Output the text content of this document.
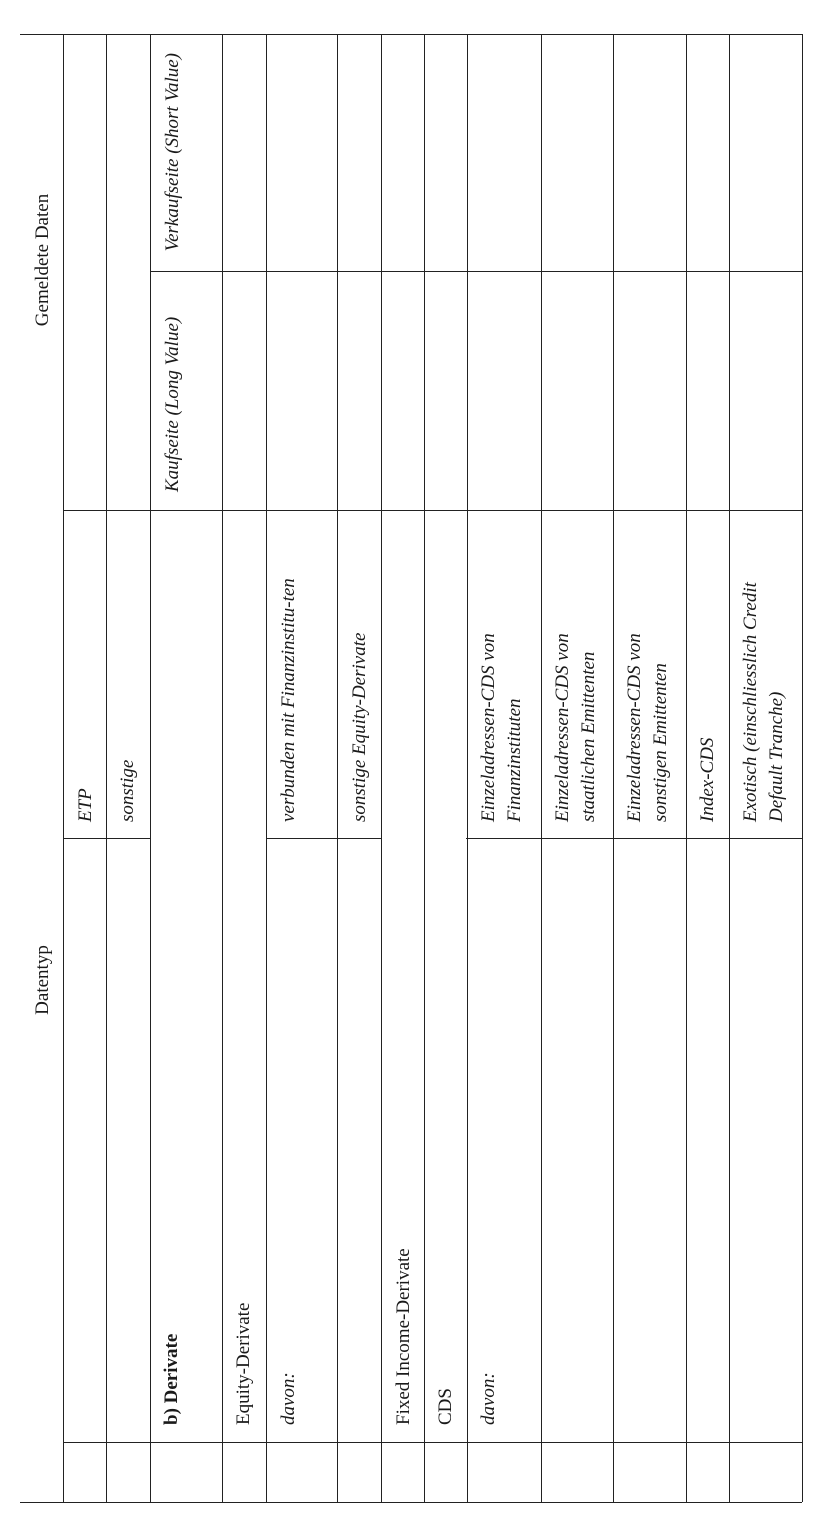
Datentyp
Gemeldete Daten
Kaufseite (Long Value)
Verkaufseite (Short Value)
ETP sonstige
b) Derivate	Equity-Derivate davon:
verbunden mit Finanzinstitu-ten	sonstige Equity-Derivate
Fixed Income-Derivate CDS davon:
Einzeladressen-CDS von Finanzinstituten Einzeladressen-CDS von staatlichen Emittenten Einzeladressen-CDS von sonstigen Emittenten Index-CDS Exotisch (einschliesslich Credit Default Tranche)
